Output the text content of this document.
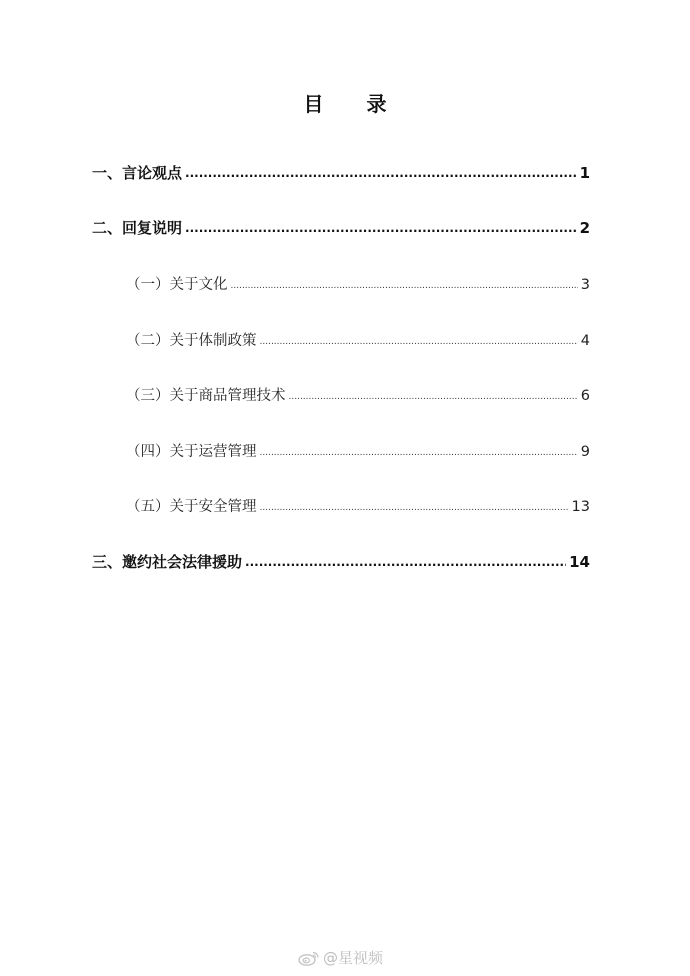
目 录
一、言论观点 .....	1
二、回复说明 .....	2
（一）关于文化 .....	3
（二）关于体制政策 .....	4
（三）关于商品管理技术 .....	6
（四）关于运营管理 .....	9
（五）关于安全管理 .....	13
三、邀约社会法律援助 .....	14
@星视频
